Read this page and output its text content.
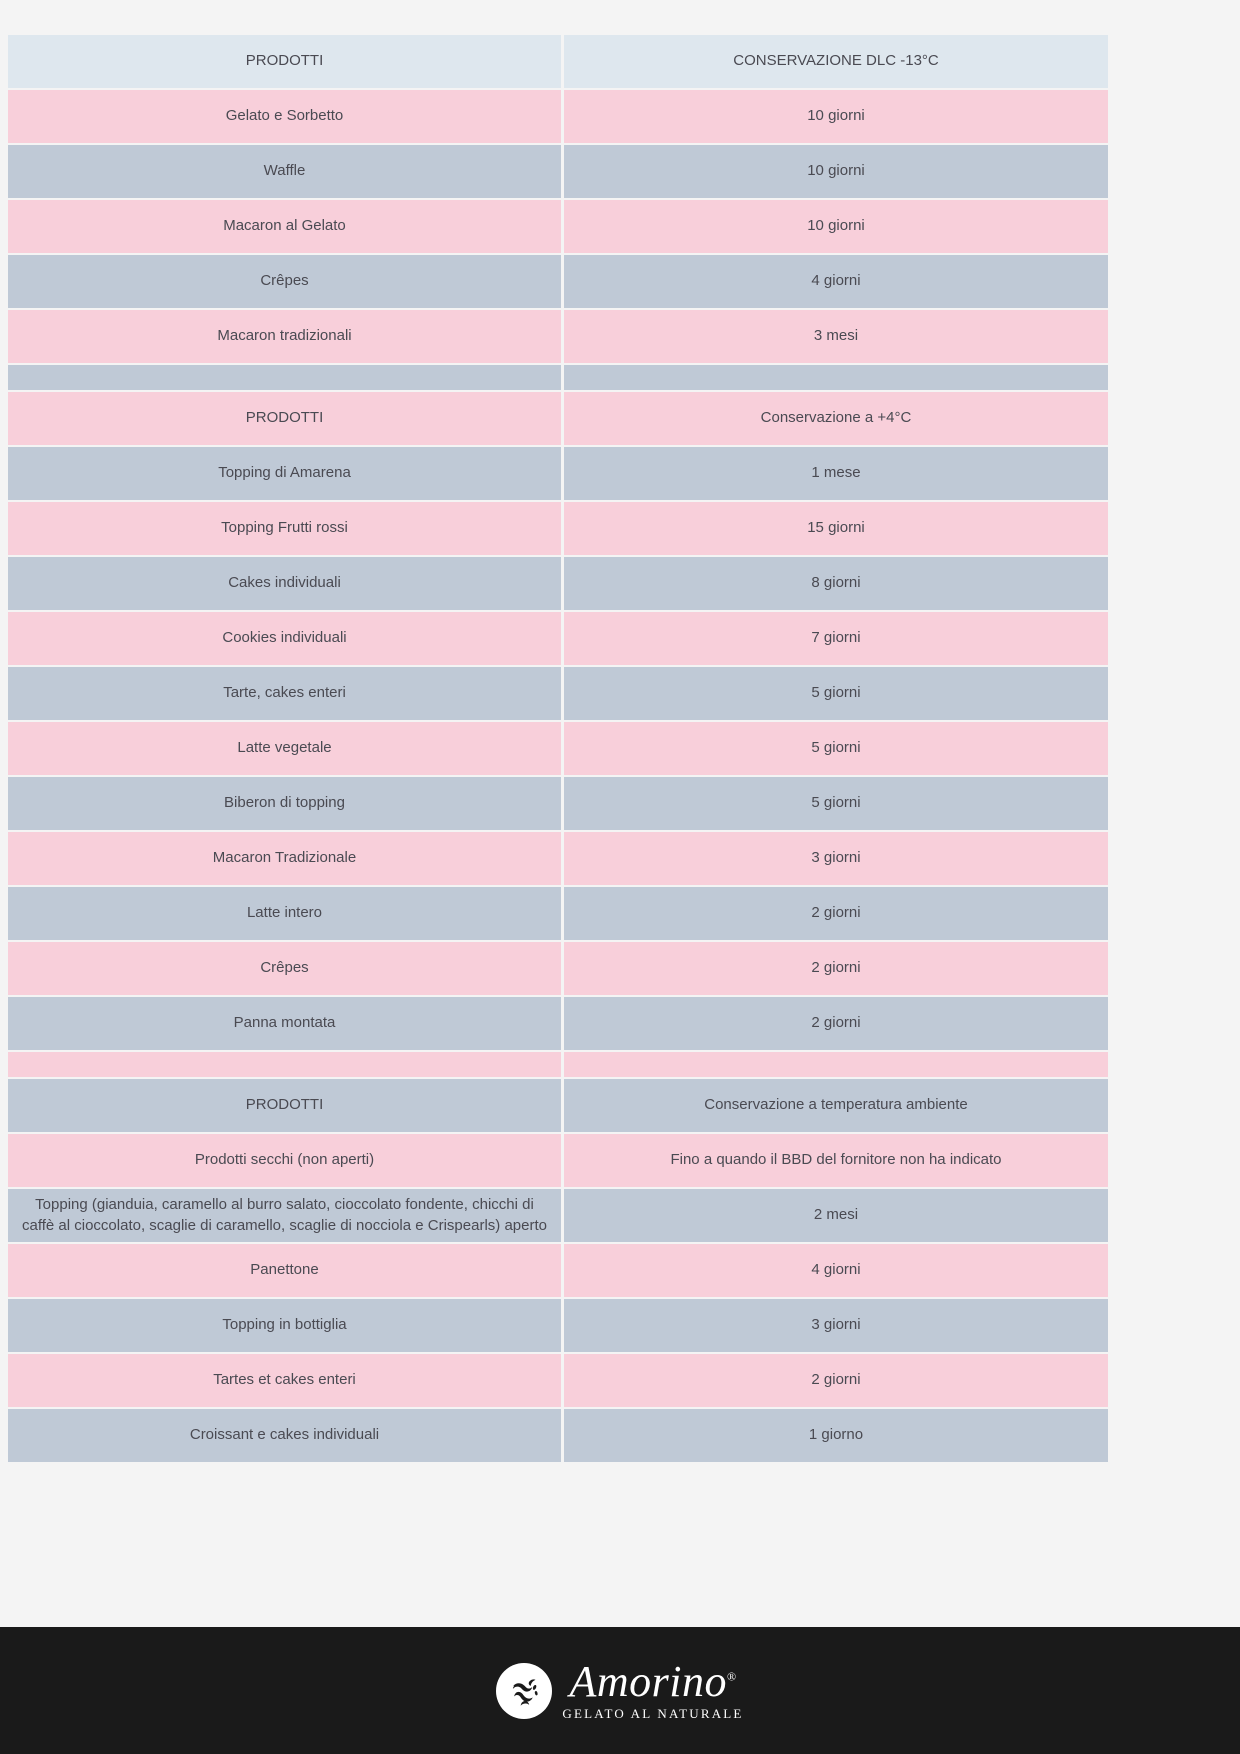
PRODOTTI	CONSERVAZIONE DLC -13°C
Gelato e Sorbetto	10 giorni
Waffle	10 giorni
Macaron al Gelato	10 giorni
Crêpes	4 giorni
Macaron tradizionali	3 mesi

PRODOTTI	Conservazione a +4°C
Topping di Amarena	1 mese
Topping Frutti rossi	15 giorni
Cakes individuali	8 giorni
Cookies individuali	7 giorni
Tarte, cakes enteri	5 giorni
Latte vegetale	5 giorni
Biberon di topping	5 giorni
Macaron Tradizionale	3 giorni
Latte intero	2 giorni
Crêpes	2 giorni
Panna montata	2 giorni

PRODOTTI	Conservazione a temperatura ambiente
Prodotti secchi (non aperti)	Fino a quando il BBD del fornitore non ha indicato
Topping (gianduia, caramello al burro salato, cioccolato fondente, chicchi di caffè al cioccolato, scaglie di caramello, scaglie di nocciola e Crispearls) aperto	2 mesi
Panettone	4 giorni
Topping in bottiglia	3 giorni
Tartes et cakes enteri	2 giorni
Croissant e cakes individuali	1 giorno
Amorino®
GELATO AL NATURALE
